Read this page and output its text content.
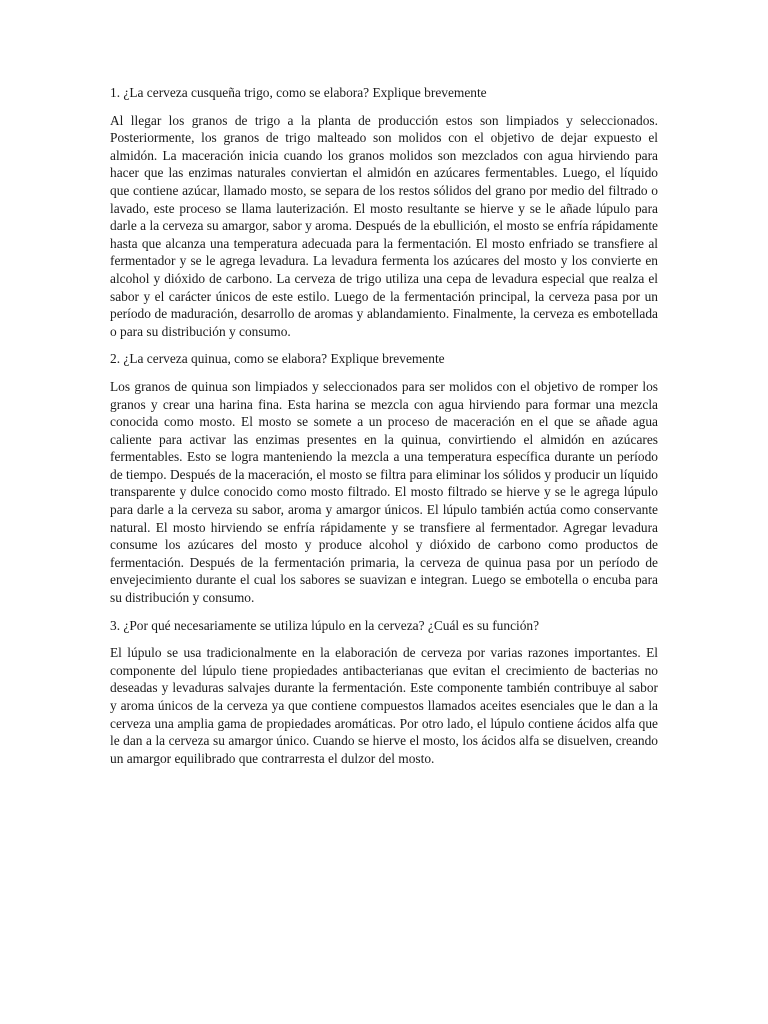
1. ¿La cerveza cusqueña trigo, como se elabora? Explique brevemente

Al llegar los granos de trigo a la planta de producción estos son limpiados y seleccionados. Posteriormente, los granos de trigo malteado son molidos con el objetivo de dejar expuesto el almidón. La maceración inicia cuando los granos molidos son mezclados con agua hirviendo para hacer que las enzimas naturales conviertan el almidón en azúcares fermentables. Luego, el líquido que contiene azúcar, llamado mosto, se separa de los restos sólidos del grano por medio del filtrado o lavado, este proceso se llama lauterización. El mosto resultante se hierve y se le añade lúpulo para darle a la cerveza su amargor, sabor y aroma. Después de la ebullición, el mosto se enfría rápidamente hasta que alcanza una temperatura adecuada para la fermentación. El mosto enfriado se transfiere al fermentador y se le agrega levadura. La levadura fermenta los azúcares del mosto y los convierte en alcohol y dióxido de carbono. La cerveza de trigo utiliza una cepa de levadura especial que realza el sabor y el carácter únicos de este estilo. Luego de la fermentación principal, la cerveza pasa por un período de maduración, desarrollo de aromas y ablandamiento. Finalmente, la cerveza es embotellada o para su distribución y consumo.

2. ¿La cerveza quinua, como se elabora? Explique brevemente

Los granos de quinua son limpiados y seleccionados para ser molidos con el objetivo de romper los granos y crear una harina fina. Esta harina se mezcla con agua hirviendo para formar una mezcla conocida como mosto. El mosto se somete a un proceso de maceración en el que se añade agua caliente para activar las enzimas presentes en la quinua, convirtiendo el almidón en azúcares fermentables. Esto se logra manteniendo la mezcla a una temperatura específica durante un período de tiempo. Después de la maceración, el mosto se filtra para eliminar los sólidos y producir un líquido transparente y dulce conocido como mosto filtrado. El mosto filtrado se hierve y se le agrega lúpulo para darle a la cerveza su sabor, aroma y amargor únicos. El lúpulo también actúa como conservante natural. El mosto hirviendo se enfría rápidamente y se transfiere al fermentador. Agregar levadura consume los azúcares del mosto y produce alcohol y dióxido de carbono como productos de fermentación. Después de la fermentación primaria, la cerveza de quinua pasa por un período de envejecimiento durante el cual los sabores se suavizan e integran. Luego se embotella o encuba para su distribución y consumo.

3. ¿Por qué necesariamente se utiliza lúpulo en la cerveza? ¿Cuál es su función?

El lúpulo se usa tradicionalmente en la elaboración de cerveza por varias razones importantes. El componente del lúpulo tiene propiedades antibacterianas que evitan el crecimiento de bacterias no deseadas y levaduras salvajes durante la fermentación. Este componente también contribuye al sabor y aroma únicos de la cerveza ya que contiene compuestos llamados aceites esenciales que le dan a la cerveza una amplia gama de propiedades aromáticas. Por otro lado, el lúpulo contiene ácidos alfa que le dan a la cerveza su amargor único. Cuando se hierve el mosto, los ácidos alfa se disuelven, creando un amargor equilibrado que contrarresta el dulzor del mosto.
